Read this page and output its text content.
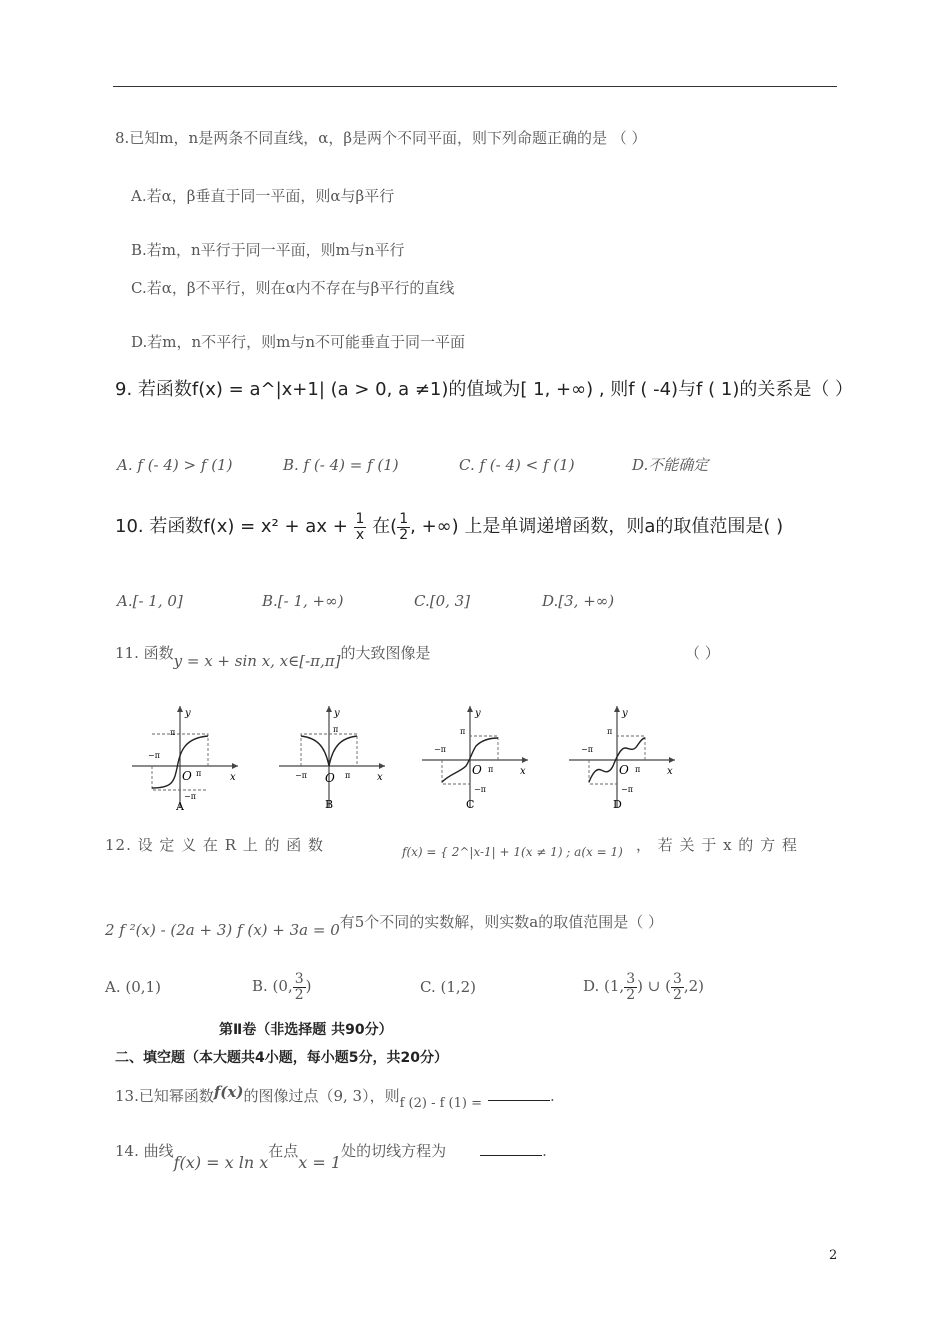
8.已知m，n是两条不同直线，α，β是两个不同平面，则下列命题正确的是 （ ）
A.若α，β垂直于同一平面，则α与β平行
B.若m，n平行于同一平面，则m与n平行
C.若α，β不平行，则在α内不存在与β平行的直线
D.若m，n不平行，则m与n不可能垂直于同一平面
9. 若函数f(x) = a^|x+1| (a > 0, a ≠1)的值域为[ 1, +∞) , 则f ( -4)与f ( 1)的关系是（ ）
A. f (- 4) > f (1)	B. f (- 4) = f (1)	C. f (- 4) < f (1)	D.不能确定
10. 若函数f(x) = x² + ax + $\frac{1}{x}$ 在( $\frac{1}{2}$ , +∞) 上是单调递增函数，则a的取值范围是( )
A.[- 1, 0]	B.[- 1, +∞)	C.[0, 3]	D.[3, +∞)
11. 函数y = x + sin x, x∈[-π,π]的大致图像是	（ ）
y
x
O
π
−π
π
−π
A
y
x
O
π
−π	π
B
y
x
O
π
−π
π
−π
C
y
x
O
π
−π
π
−π
D
12. 设 定 义 在 R 上 的 函 数	f(x) = { 2^|x-1| + 1(x ≠ 1) ; a(x = 1) ， 若 关 于 x 的 方 程
2 f ²(x) - (2a + 3) f (x) + 3a = 0有5个不同的实数解，则实数a的取值范围是（ ）
A. (0,1)	B. (0, $\frac{3}{2}$ )	C. (1,2)	D. (1, $\frac{3}{2}$ ) ∪ ( $\frac{3}{2} ,2$)
第Ⅱ卷（非选择题 共90分）
二、填空题（本大题共4小题，每小题5分，共20分）
13.已知幂函数f(x)的图像过点（9, 3），则f (2) - f (1) =	.
14. 曲线f(x) = x ln x在点x = 1处的切线方程为	.
2
